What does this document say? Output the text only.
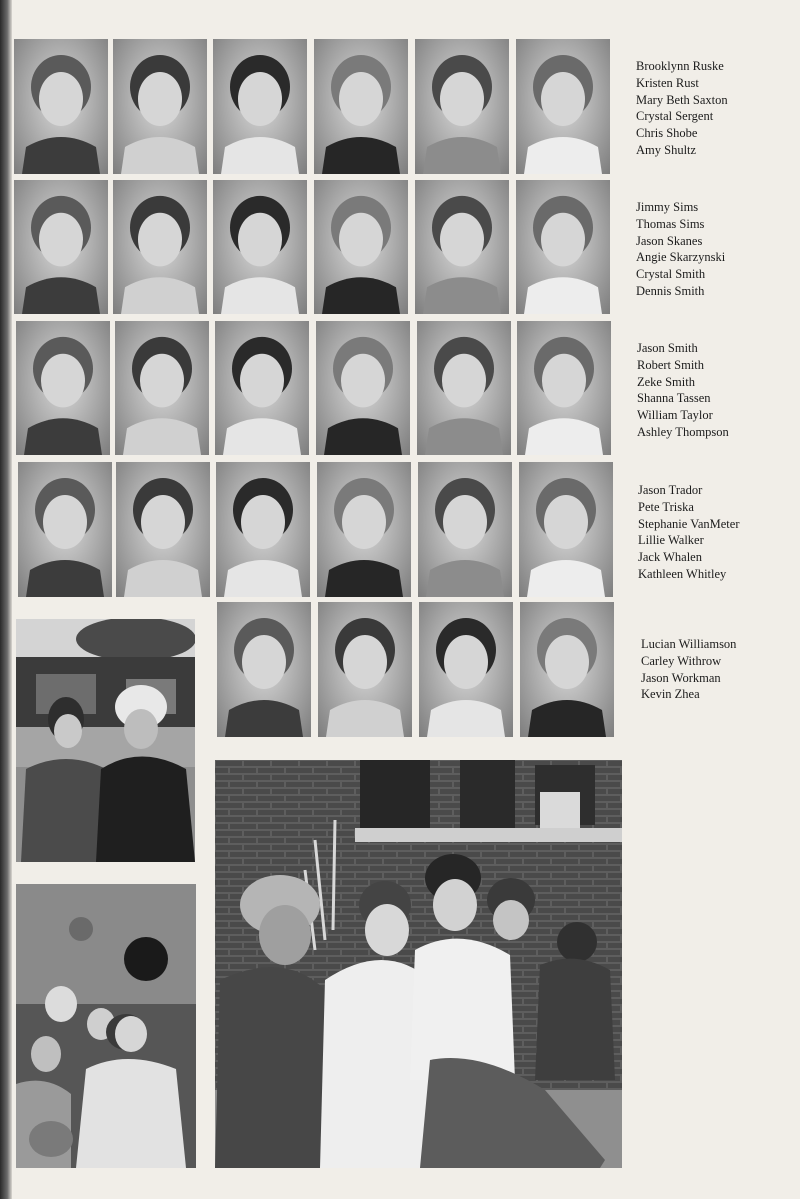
Brooklynn Ruske
Kristen Rust
Mary Beth Saxton
Crystal Sergent
Chris Shobe
Amy Shultz
Jimmy Sims
Thomas Sims
Jason Skanes
Angie Skarzynski
Crystal Smith
Dennis Smith
Jason Smith
Robert Smith
Zeke Smith
Shanna Tassen
William Taylor
Ashley Thompson
Jason Trador
Pete Triska
Stephanie VanMeter
Lillie Walker
Jack Whalen
Kathleen Whitley
Lucian Williamson
Carley Withrow
Jason Workman
Kevin Zhea
